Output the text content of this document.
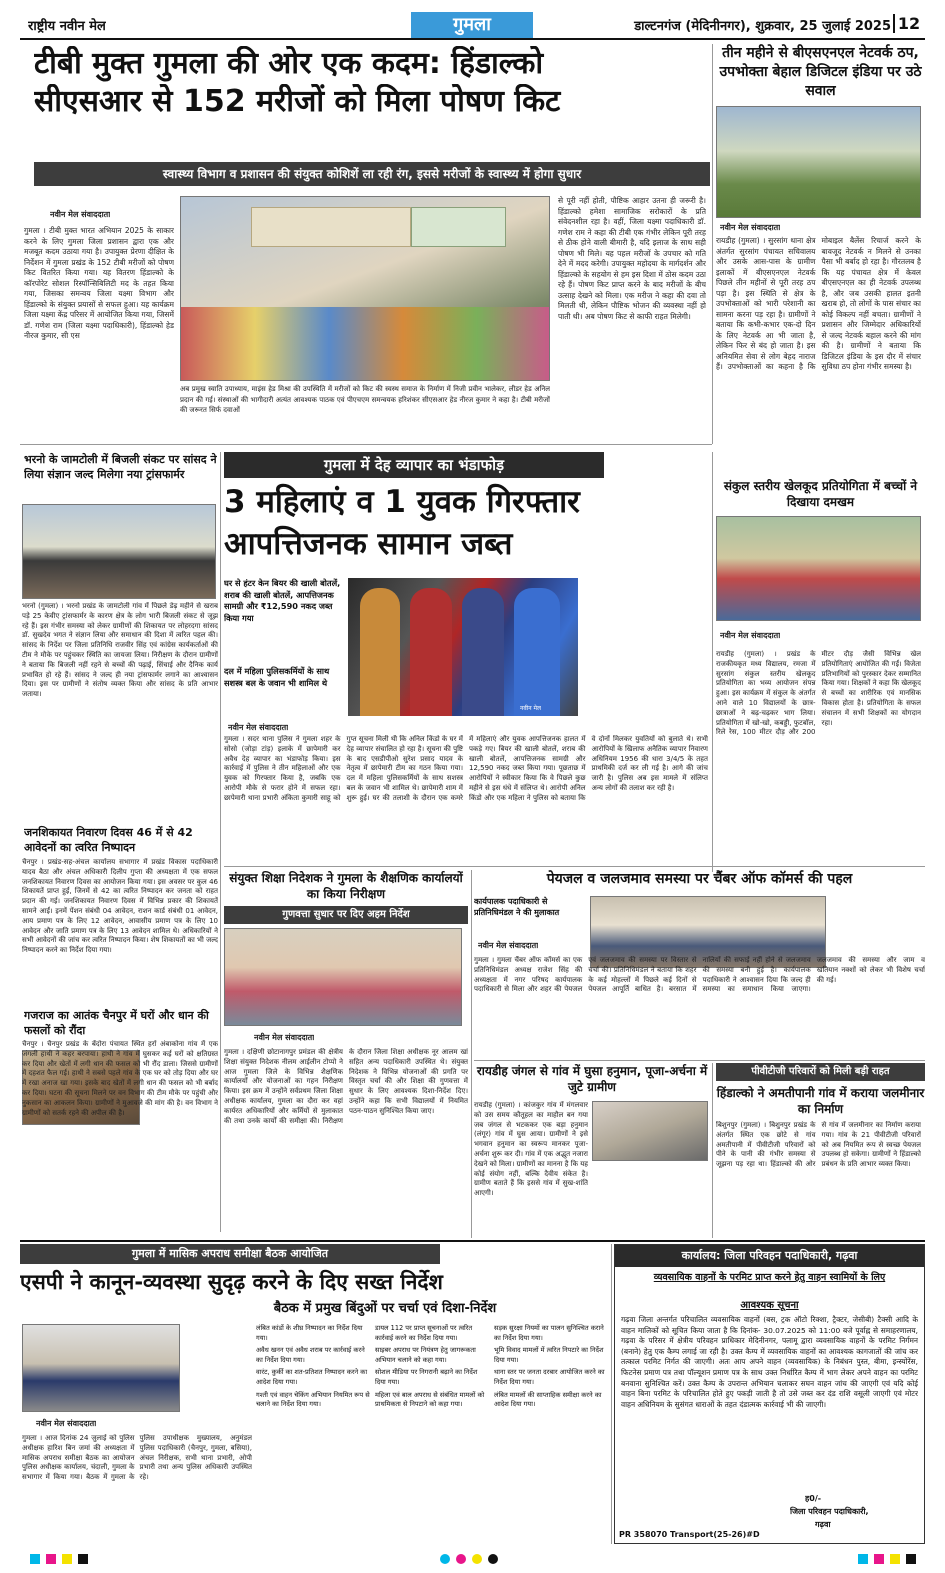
राष्ट्रीय नवीन मेल	गुमला	डाल्टनगंज (मेदिनीनगर), शुक्रवार, 25 जुलाई 2025 12
टीबी मुक्त गुमला की ओर एक कदम: हिंडाल्को
सीएसआर से 152 मरीजों को मिला पोषण किट
स्वास्थ्य विभाग व प्रशासन की संयुक्त कोशिशें ला रही रंग, इससे मरीजों के स्वास्थ्य में होगा सुधार
नवीन मेल संवाददाता
गुमला । टीबी मुक्त भारत अभियान 2025 के साकार करने के लिए गुमला जिला प्रशासन द्वारा एक और मजबूत कदम उठाया गया है। उपायुक्त प्रेरणा दीक्षित के निर्देशन में गुमला प्रखंड के 152 टीबी मरीजों को पोषण किट वितरित किया गया। यह वितरण हिंडाल्को के कॉरपोरेट सोशल रिस्पॉन्सिबिलिटी मद के तहत किया गया, जिसका समन्वय जिला यक्ष्मा विभाग और हिंडाल्को के संयुक्त प्रयासों से सफल हुआ। यह कार्यक्रम जिला यक्ष्मा केंद्र परिसर में आयोजित किया गया, जिसमें डॉ. गणेश राम (जिला यक्ष्मा पदाधिकारी), हिंडाल्को हेड नीरज कुमार, सी एस
अब प्रमुख स्वाति उपाध्याय, माइंस हेड मिश्रा की उपस्थिति में मरीजों को किट की स्वस्थ समाज के निर्माण में निजी प्रवीन भालेकर, लीडर हेड अनिल प्रदान की गई। संस्थाओं की भागीदारी अत्यंत आवश्यक पाठक एवं पीएचएम समन्वयक हरिशंकर सीएसआर हेड नीरज कुमार ने कहा है। टीबी मरीजों की जरूरत सिर्फ दवाओं
से पूरी नहीं होती, पौष्टिक आहार उतना ही जरूरी है। हिंडाल्को हमेशा सामाजिक सरोकारों के प्रति संवेदनशील रहा है। वहीं, जिला यक्ष्मा पदाधिकारी डॉ. गणेश राम ने कहा की टीबी एक गंभीर लेकिन पूरी तरह से ठीक होने वाली बीमारी है, यदि इलाज के साथ सही पोषण भी मिले। यह पहल मरीजों के उपचार को गति देने में मदद करेगी। उपायुक्त महोदया के मार्गदर्शन और हिंडाल्को के सहयोग से हम इस दिशा में ठोस कदम उठा रहे हैं। पोषण किट प्राप्त करने के बाद मरीजों के बीच उत्साह देखने को मिला। एक मरीज ने कहा की दवा तो मिलती थी, लेकिन पौष्टिक भोजन की व्यवस्था नहीं हो पाती थी। अब पोषण किट से काफी राहत मिलेगी।
तीन महीने से बीएसएनएल नेटवर्क ठप, उपभोक्ता बेहाल डिजिटल इंडिया पर उठे सवाल
नवीन मेल संवाददाता
रायडीह (गुमला) । सुरसांग थाना क्षेत्र अंतर्गत सुरसांग पंचायत सचिवालय और उसके आस-पास के ग्रामीण इलाकों में बीएसएनएल नेटवर्क पिछले तीन महीनों से पूरी तरह ठप पड़ा है। इस स्थिति से क्षेत्र के उपभोक्ताओं को भारी परेशानी का सामना करना पड़ रहा है। ग्रामीणों ने बताया कि कभी-कभार एक-दो दिन के लिए नेटवर्क आ भी जाता है, लेकिन फिर से बंद हो जाता है। इस अनियमित सेवा से लोग बेहद नाराज हैं। उपभोक्ताओं का कहना है कि मोबाइल बैलेंस रिचार्ज करने के बावजूद नेटवर्क न मिलने से उनका पैसा भी बर्बाद हो रहा है। गौरतलब है कि यह पंचायत क्षेत्र में केवल बीएसएनएल का ही नेटवर्क उपलब्ध है, और जब उसकी हालत इतनी खराब हो, तो लोगों के पास संचार का कोई विकल्प नहीं बचता। ग्रामीणों ने प्रशासन और जिम्मेदार अधिकारियों से जल्द नेटवर्क बहाल करने की मांग की है। ग्रामीणों ने बताया कि डिजिटल इंडिया के इस दौर में संचार सुविधा ठप होना गंभीर समस्या है।
भरनो के जामटोली में बिजली संकट पर सांसद ने लिया संज्ञान जल्द मिलेगा नया ट्रांसफार्मर
भरनो (गुमला) । भरनो प्रखंड के जामटोली गांव में पिछले डेढ़ महीने से खराब पड़े 25 केवीए ट्रांसफार्मर के कारण क्षेत्र के लोग भारी बिजली संकट से जूझ रहे हैं। इस गंभीर समस्या को लेकर ग्रामीणों की शिकायत पर लोहरदगा सांसद डॉ. सुखदेव भगत ने संज्ञान लिया और समाधान की दिशा में त्वरित पहल की। सांसद के निर्देश पर जिला प्रतिनिधि राजवीर सिंह एवं कांग्रेस कार्यकर्ताओं की टीम ने मौके पर पहुंचकर स्थिति का जायजा लिया। निरीक्षण के दौरान ग्रामीणों ने बताया कि बिजली नहीं रहने से बच्चों की पढ़ाई, सिंचाई और दैनिक कार्य प्रभावित हो रहे हैं। सांसद ने जल्द ही नया ट्रांसफार्मर लगाने का आश्वासन दिया। इस पर ग्रामीणों ने संतोष व्यक्त किया और सांसद के प्रति आभार जताया।
जनशिकायत निवारण दिवस 46 में से 42 आवेदनों का त्वरित निष्पादन
चैनपुर । प्रखंड-सह-अंचल कार्यालय सभागार में प्रखंड विकास पदाधिकारी यादव बैठा और अंचल अधिकारी दिलीप गुप्ता की अध्यक्षता में एक सफल जनशिकायत निवारण दिवस का आयोजन किया गया। इस अवसर पर कुल 46 शिकायतें प्राप्त हुईं, जिनमें से 42 का त्वरित निष्पादन कर जनता को राहत प्रदान की गई। जनशिकायत निवारण दिवस में विभिन्न प्रकार की शिकायतें सामने आईं। इनमें पेंशन संबंधी 04 आवेदन, राशन कार्ड संबंधी 01 आवेदन, आय प्रमाण पत्र के लिए 12 आवेदन, आवासीय प्रमाण पत्र के लिए 10 आवेदन और जाति प्रमाण पत्र के लिए 13 आवेदन शामिल थे। अधिकारियों ने सभी आवेदनों की जांच कर त्वरित निष्पादन किया। शेष शिकायतों का भी जल्द निष्पादन करने का निर्देश दिया गया।
गजराज का आतंक चैनपुर में घरों और धान की फसलों को रौंदा
चैनपुर । चैनपुर प्रखंड के बेंदोरा पंचायत स्थित हर्रा अंबाकोना गांव में एक जंगली हाथी ने कहर बरपाया। हाथी ने गांव में घुसकर कई घरों को क्षतिग्रस्त कर दिया और खेतों में लगी धान की फसल को भी रौंद डाला। जिससे ग्रामीणों में दहशत फैल गई। हाथी ने सबसे पहले गांव के एक घर को तोड़ दिया और घर में रखा अनाज खा गया। इसके बाद खेतों में लगी धान की फसल को भी बर्बाद कर दिया। घटना की सूचना मिलने पर वन विभाग की टीम मौके पर पहुंची और नुकसान का आकलन किया। ग्रामीणों ने मुआवजे की मांग की है। वन विभाग ने ग्रामीणों को सतर्क रहने की अपील की है।
गुमला में देह व्यापार का भंडाफोड़
3 महिलाएं व 1 युवक गिरफ्तार
आपत्तिजनक सामान जब्त
घर से हंटर केन बियर की खाली बोतलें, शराब की खाली बोतलें, आपत्तिजनक सामग्री और ₹12,590 नकद जब्त किया गया
दल में महिला पुलिसकर्मियों के साथ सशस्त्र बल के जवान भी शामिल थे
नवीन मेल
नवीन मेल संवाददाता
गुमला । सदर थाना पुलिस ने गुमला शहर के सोसो (जोड़ा टांड़) इलाके में छापेमारी कर अवैध देह व्यापार का भंडाफोड़ किया। इस कार्रवाई में पुलिस ने तीन महिलाओं और एक युवक को गिरफ्तार किया है, जबकि एक आरोपी मौके से फरार होने में सफल रहा। छापेमारी थाना प्रभारी अंकिता कुमारी साहू को गुप्त सूचना मिली थी कि अनिल किंडो के घर में देह व्यापार संचालित हो रहा है। सूचना की पुष्टि के बाद एसडीपीओ सुरेश प्रसाद यादव के नेतृत्व में छापेमारी टीम का गठन किया गया। दल में महिला पुलिसकर्मियों के साथ सशस्त्र बल के जवान भी शामिल थे। छापेमारी शाम में शुरू हुई। घर की तलाशी के दौरान एक कमरे में महिलाएं और युवक आपत्तिजनक हालत में पकड़े गए। बियर की खाली बोतलें, शराब की खाली बोतलें, आपत्तिजनक सामग्री और 12,590 नकद जब्त किया गया। पूछताछ में आरोपियों ने स्वीकार किया कि वे पिछले कुछ महीने से इस धंधे में संलिप्त थे। आरोपी अनिल किंडो और एक महिला ने पुलिस को बताया कि वे दोनों मिलकर युवतियों को बुलाते थे। सभी आरोपियों के खिलाफ अनैतिक व्यापार निवारण अधिनियम 1956 की धारा 3/4/5 के तहत प्राथमिकी दर्ज कर ली गई है। आगे की जांच जारी है। पुलिस अब इस मामले में संलिप्त अन्य लोगों की तलाश कर रही है।
संकुल स्तरीय खेलकूद प्रतियोगिता में बच्चों ने दिखाया दमखम
नवीन मेल संवाददाता
रायडीह (गुमला) । प्रखंड के राजकीयकृत मध्य विद्यालय, रमजा में सुरसांग संकुल स्तरीय खेलकूद प्रतियोगिता का भव्य आयोजन संपन्न हुआ। इस कार्यक्रम में संकुल के अंतर्गत आने वाले 10 विद्यालयों के छात्र-छात्राओं ने बढ़-चढ़कर भाग लिया। प्रतियोगिता में खो-खो, कबड्डी, फुटबॉल, रिले रेस, 100 मीटर दौड़ और 200 मीटर दौड़ जैसी विभिन्न खेल प्रतियोगिताएं आयोजित की गईं। विजेता प्रतिभागियों को पुरस्कार देकर सम्मानित किया गया। शिक्षकों ने कहा कि खेलकूद से बच्चों का शारीरिक एवं मानसिक विकास होता है। प्रतियोगिता के सफल संचालन में सभी शिक्षकों का योगदान रहा।
संयुक्त शिक्षा निदेशक ने गुमला के शैक्षणिक कार्यालयों का किया निरीक्षण
गुणवत्ता सुधार पर दिए अहम निर्देश
नवीन मेल संवाददाता
गुमला । दक्षिणी छोटानागपुर प्रमंडल की क्षेत्रीय शिक्षा संयुक्त निदेशक नीलम आईलीन टोप्पो ने आज गुमला जिले के विभिन्न शैक्षणिक कार्यालयों और योजनाओं का गहन निरीक्षण किया। इस क्रम में उन्होंने सर्वप्रथम जिला शिक्षा अधीक्षक कार्यालय, गुमला का दौरा कर वहां कार्यरत अधिकारियों और कर्मियों से मुलाकात की तथा उनके कार्यों की समीक्षा की। निरीक्षण के दौरान जिला शिक्षा अधीक्षक नूर आलम खां सहित अन्य पदाधिकारी उपस्थित थे। संयुक्त निदेशक ने विभिन्न योजनाओं की प्रगति पर विस्तृत चर्चा की और शिक्षा की गुणवत्ता में सुधार के लिए आवश्यक दिशा-निर्देश दिए। उन्होंने कहा कि सभी विद्यालयों में नियमित पठन-पाठन सुनिश्चित किया जाए।
पेयजल व जलजमाव समस्या पर चैंबर ऑफ कॉमर्स की पहल
कार्यपालक पदाधिकारी से प्रतिनिधिमंडल ने की मुलाकात
नवीन मेल संवाददाता
गुमला । गुमला चैंबर ऑफ कॉमर्स का एक प्रतिनिधिमंडल अध्यक्ष राजेश सिंह की अध्यक्षता में नगर परिषद कार्यपालक पदाधिकारी से मिला और शहर की पेयजल एवं जलजमाव की समस्या पर विस्तार से चर्चा की। प्रतिनिधिमंडल ने बताया कि शहर के कई मोहल्लों में पिछले कई दिनों से पेयजल आपूर्ति बाधित है। बरसात में नालियों की सफाई नहीं होने से जलजमाव की समस्या बनी हुई है। कार्यपालक पदाधिकारी ने आश्वासन दिया कि जल्द ही समस्या का समाधान किया जाएगा। जलजमाव की समस्या और जाम व खतियान नक्शों को लेकर भी विशेष चर्चा की गई।
रायडीह जंगल से गांव में घुसा हनुमान, पूजा-अर्चना में जुटे ग्रामीण
रायडीह (गुमला) । कांजकुर गांव में मंगलवार को उस समय कौतूहल का माहौल बन गया जब जंगल से भटककर एक बड़ा हनुमान (लंगूर) गांव में घुस आया। ग्रामीणों ने इसे भगवान हनुमान का स्वरूप मानकर पूजा-अर्चना शुरू कर दी। गांव में एक अद्भुत नजारा देखने को मिला। ग्रामीणों का मानना है कि यह कोई संयोग नहीं, बल्कि दैवीय संकेत है। ग्रामीण बताते हैं कि इससे गांव में सुख-शांति आएगी।
पीवीटीजी परिवारों को मिली बड़ी राहत
हिंडाल्को ने अमतीपानी गांव में कराया जलमीनार का निर्माण
बिशुनपुर (गुमला) । बिशुनपुर प्रखंड के अंतर्गत स्थित एक छोटे से गांव अमतीपानी में पीवीटीजी परिवारों को पीने के पानी की गंभीर समस्या से जूझना पड़ रहा था। हिंडाल्को की ओर से गांव में जलमीनार का निर्माण कराया गया। गांव के 21 पीवीटीजी परिवारों को अब नियमित रूप से स्वच्छ पेयजल उपलब्ध हो सकेगा। ग्रामीणों ने हिंडाल्को प्रबंधन के प्रति आभार व्यक्त किया।
गुमला में मासिक अपराध समीक्षा बैठक आयोजित
एसपी ने कानून-व्यवस्था सुदृढ़ करने के दिए सख्त निर्देश
बैठक में प्रमुख बिंदुओं पर चर्चा एवं दिशा-निर्देश
नवीन मेल संवाददाता
गुमला । आज दिनांक 24 जुलाई को पुलिस अधीक्षक हारिश बिन जमां की अध्यक्षता में मासिक अपराध समीक्षा बैठक का आयोजन पुलिस अधीक्षक कार्यालय, चंदाली, गुमला के सभागार में किया गया। बैठक में गुमला के पुलिस उपाधीक्षक मुख्यालय, अनुमंडल पुलिस पदाधिकारी (चैनपुर, गुमला, बसिया), अंचल निरीक्षक, सभी थाना प्रभारी, ओपी प्रभारी तथा अन्य पुलिस अधिकारी उपस्थित रहे।
लंबित कांडों के शीघ्र निष्पादन का निर्देश दिया गया।
अवैध खनन एवं अवैध शराब पर कार्रवाई करने का निर्देश दिया गया।
वारंट, कुर्की का शत-प्रतिशत निष्पादन करने का आदेश दिया गया।
गश्ती एवं वाहन चेकिंग अभियान नियमित रूप से चलाने का निर्देश दिया गया।
डायल 112 पर प्राप्त सूचनाओं पर त्वरित कार्रवाई करने का निर्देश दिया गया।
साइबर अपराध पर नियंत्रण हेतु जागरूकता अभियान चलाने को कहा गया।
सोशल मीडिया पर निगरानी बढ़ाने का निर्देश दिया गया।
महिला एवं बाल अपराध से संबंधित मामलों को प्राथमिकता से निपटाने को कहा गया।
सड़क सुरक्षा नियमों का पालन सुनिश्चित कराने का निर्देश दिया गया।
भूमि विवाद मामलों में त्वरित निपटारे का निर्देश दिया गया।
थाना स्तर पर जनता दरबार आयोजित करने का निर्देश दिया गया।
लंबित मामलों की साप्ताहिक समीक्षा करने का आदेश दिया गया।
कार्यालय: जिला परिवहन पदाधिकारी, गढ़वा
व्यवसायिक वाहनों के परमिट प्राप्त करने हेतु वाहन स्वामियों के लिए
आवश्यक सूचना
गढ़वा जिला अन्तर्गत परिचालित व्यवसायिक वाहनों (बस, ट्रक ऑटो रिक्शा, ट्रैक्टर, जेसीबी) टैक्सी आदि के वाहन मालिकों को सूचित किया जाता है कि दिनांक- 30.07.2025 को 11:00 बजे पूर्वाह्न से समाहरणालय, गढ़वा के परिसर में क्षेत्रीय परिवहन प्राधिकार मेदिनीनगर, पलामू द्वारा व्यवसायिक वाहनों के परमिट निर्गमन (बनाने) हेतु एक कैम्प लगाई जा रही है। उक्त कैम्प में व्यवसायिक वाहनों का आवश्यक कागजातों की जांच कर तत्काल परमिट निर्गत की जाएगी। अतः आप अपने वाहन (व्यवसायिक) के निबंधन पुस्त, बीमा, इन्स्योरेंस, फिटनेस प्रमाण पत्र तथा पॉल्यूशन प्रमाण पत्र के साथ उक्त निर्धारित कैम्प में भाग लेकर अपने वाहन का परमिट बनवाना सुनिश्चित करें। उक्त कैम्प के उपरान्त अभियान चलाकर सघन वाहन जांच की जाएगी एवं यदि कोई वाहन बिना परमिट के परिचालित होते हुए पकड़ी जाती है तो उसे जब्त कर दंड राशि वसूली जाएगी एवं मोटर वाहन अधिनियम के सुसंगत धाराओं के तहत दंडात्मक कार्रवाई भी की जाएगी।
ह0/-
जिला परिवहन पदाधिकारी,
गढ़वा
PR 358070 Transport(25-26)#D
